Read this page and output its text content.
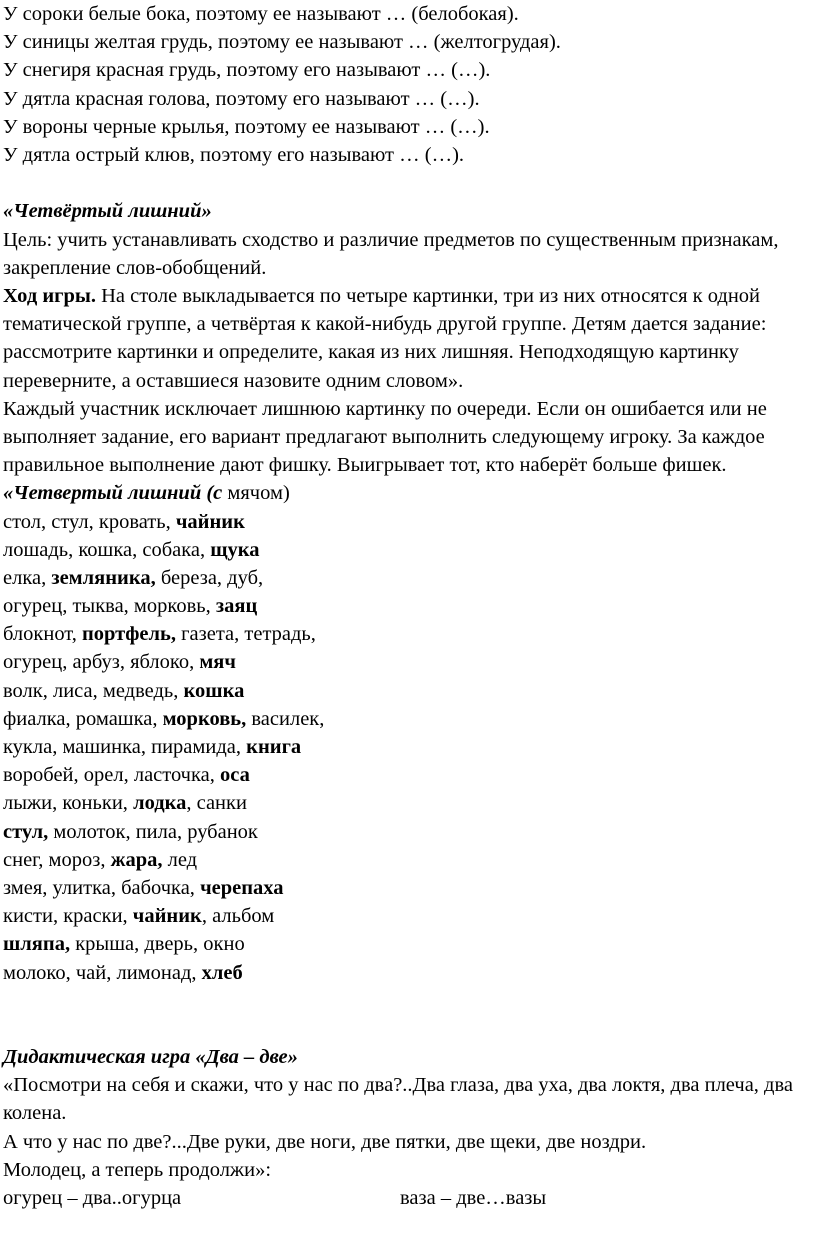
У сороки белые бока, поэтому ее называют … (белобокая).
У синицы желтая грудь, поэтому ее называют … (желтогрудая).
У снегиря красная грудь, поэтому его называют … (…).
У дятла красная голова, поэтому его называют … (…).
У вороны черные крылья, поэтому ее называют … (…).
У дятла острый клюв, поэтому его называют … (…).
«Четвёртый лишний»
Цель: учить устанавливать сходство и различие предметов по существенным признакам, закрепление слов-обобщений.
Ход игры. На столе выкладывается по четыре картинки, три из них относятся к одной тематической группе, а четвёртая к какой-нибудь другой группе. Детям дается задание: рассмотрите картинки и определите, какая из них лишняя. Неподходящую картинку переверните, а оставшиеся назовите одним словом».
Каждый участник исключает лишнюю картинку по очереди. Если он ошибается или не выполняет задание, его вариант предлагают выполнить следующему игроку. За каждое правильное выполнение дают фишку. Выигрывает тот, кто наберёт больше фишек.
«Четвертый лишний (с мячом)
стол, стул, кровать, чайник
лошадь, кошка, собака, щука
елка, земляника, береза, дуб,
огурец, тыква, морковь, заяц
блокнот, портфель, газета, тетрадь,
огурец, арбуз, яблоко, мяч
волк, лиса, медведь, кошка
фиалка, ромашка, морковь, василек,
кукла, машинка, пирамида, книга
воробей, орел, ласточка, оса
лыжи, коньки, лодка, санки
стул, молоток, пила, рубанок
снег, мороз, жара, лед
змея, улитка, бабочка, черепаха
кисти, краски, чайник, альбом
шляпа, крыша, дверь, окно
молоко, чай, лимонад, хлеб
Дидактическая игра «Два – две»
«Посмотри на себя и скажи, что у нас по два?..Два глаза, два уха, два локтя, два плеча, два колена.
А что у нас по две?...Две руки, две ноги, две пятки, две щеки, две ноздри.
Молодец, а теперь продолжи»:
огурец – два..огурца	ваза – две…вазы
